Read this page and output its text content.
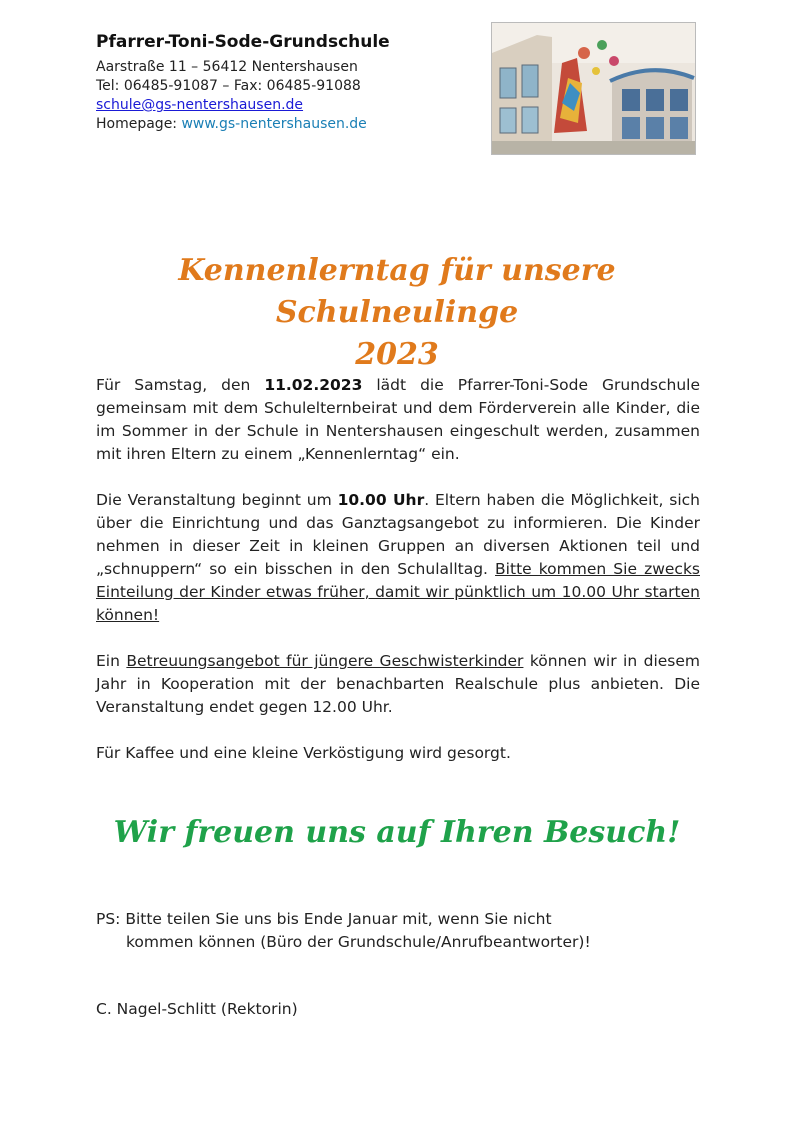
Pfarrer-Toni-Sode-Grundschule

Aarstraße 11 – 56412 Nentershausen

Tel: 06485-91087 – Fax: 06485-91088

schule@gs-nentershausen.de

Homepage: www.gs-nentershausen.de

Kennenlerntag für unsere Schulneulinge
2023

Für Samstag, den 11.02.2023 lädt die Pfarrer-Toni-Sode Grundschule gemeinsam mit dem Schulelternbeirat und dem Förderverein alle Kinder, die im Sommer in der Schule in Nentershausen eingeschult werden, zusammen mit ihren Eltern zu einem „Kennenlerntag“ ein.

Die Veranstaltung beginnt um 10.00 Uhr. Eltern haben die Möglichkeit, sich über die Einrichtung und das Ganztagsangebot zu informieren. Die Kinder nehmen in dieser Zeit in kleinen Gruppen an diversen Aktionen teil und „schnuppern“ so ein bisschen in den Schulalltag. Bitte kommen Sie zwecks Einteilung der Kinder etwas früher, damit wir pünktlich um 10.00 Uhr starten können!

Ein Betreuungsangebot für jüngere Geschwisterkinder können wir in diesem Jahr in Kooperation mit der benachbarten Realschule plus anbieten. Die Veranstaltung endet gegen 12.00 Uhr.

Für Kaffee und eine kleine Verköstigung wird gesorgt.

Wir freuen uns auf Ihren Besuch!
PS: Bitte teilen Sie uns bis Ende Januar mit, wenn Sie nicht
kommen können (Büro der Grundschule/Anrufbeantworter)!
C. Nagel-Schlitt (Rektorin)
